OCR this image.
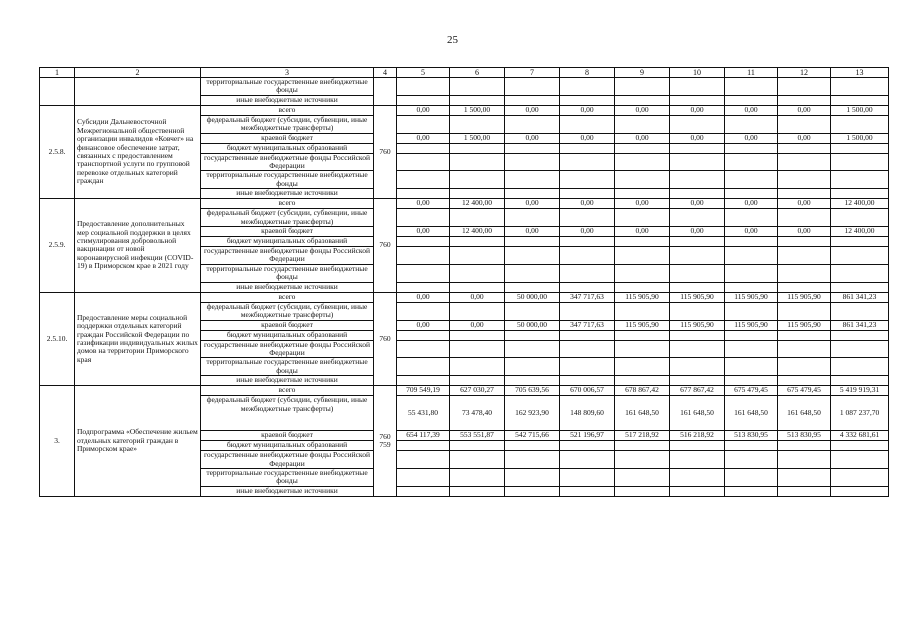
25
1	2	3	4	5	6	7	8	9	10	11	12	13
		территориальные государственные внебюджетные фонды										
		иные внебюджетные источники										
2.5.8.	Субсидии Дальневосточной Межрегиональной общественной организации инвалидов «Ковчег» на финансовое обеспечение затрат, связанных с предоставлением транспортной услуги по групповой перевозке отдельных категорий граждан	всего	760	0,00	1 500,00	0,00	0,00	0,00	0,00	0,00	0,00	1 500,00
		федеральный бюджет (субсидии, субвенции, иные межбюджетные трансферты)										
		краевой бюджет		0,00	1 500,00	0,00	0,00	0,00	0,00	0,00	0,00	1 500,00
		бюджет муниципальных образований										
		государственные внебюджетные фонды Российской Федерации										
		территориальные государственные внебюджетные фонды										
		иные внебюджетные источники										
2.5.9.	Предоставление дополнительных мер социальной поддержки в целях стимулирования добровольной вакцинации от новой коронавирусной инфекции (COVID-19) в Приморском крае в 2021 году	всего	760	0,00	12 400,00	0,00	0,00	0,00	0,00	0,00	0,00	12 400,00
		федеральный бюджет (субсидии, субвенции, иные межбюджетные трансферты)										
		краевой бюджет		0,00	12 400,00	0,00	0,00	0,00	0,00	0,00	0,00	12 400,00
		бюджет муниципальных образований										
		государственные внебюджетные фонды Российской Федерации										
		территориальные государственные внебюджетные фонды										
		иные внебюджетные источники										
2.5.10.	Предоставление меры социальной поддержки отдельных категорий граждан Российской Федерации по газификации индивидуальных жилых домов на территории Приморского края	всего	760	0,00	0,00	50 000,00	347 717,63	115 905,90	115 905,90	115 905,90	115 905,90	861 341,23
		федеральный бюджет (субсидии, субвенции, иные межбюджетные трансферты)										
		краевой бюджет		0,00	0,00	50 000,00	347 717,63	115 905,90	115 905,90	115 905,90	115 905,90	861 341,23
		бюджет муниципальных образований										
		государственные внебюджетные фонды Российской Федерации										
		территориальные государственные внебюджетные фонды										
		иные внебюджетные источники										
3.	Подпрограмма «Обеспечение жильем отдельных категорий граждан в Приморском крае»	всего	760 759	709 549,19	627 030,27	705 639,56	670 006,57	678 867,42	677 867,42	675 479,45	675 479,45	5 419 919,31
		федеральный бюджет (субсидии, субвенции, иные межбюджетные трансферты)		55 431,80	73 478,40	162 923,90	148 809,60	161 648,50	161 648,50	161 648,50	161 648,50	1 087 237,70
		краевой бюджет		654 117,39	553 551,87	542 715,66	521 196,97	517 218,92	516 218,92	513 830,95	513 830,95	4 332 681,61
		бюджет муниципальных образований										
		государственные внебюджетные фонды Российской Федерации										
		территориальные государственные внебюджетные фонды										
		иные внебюджетные источники										
